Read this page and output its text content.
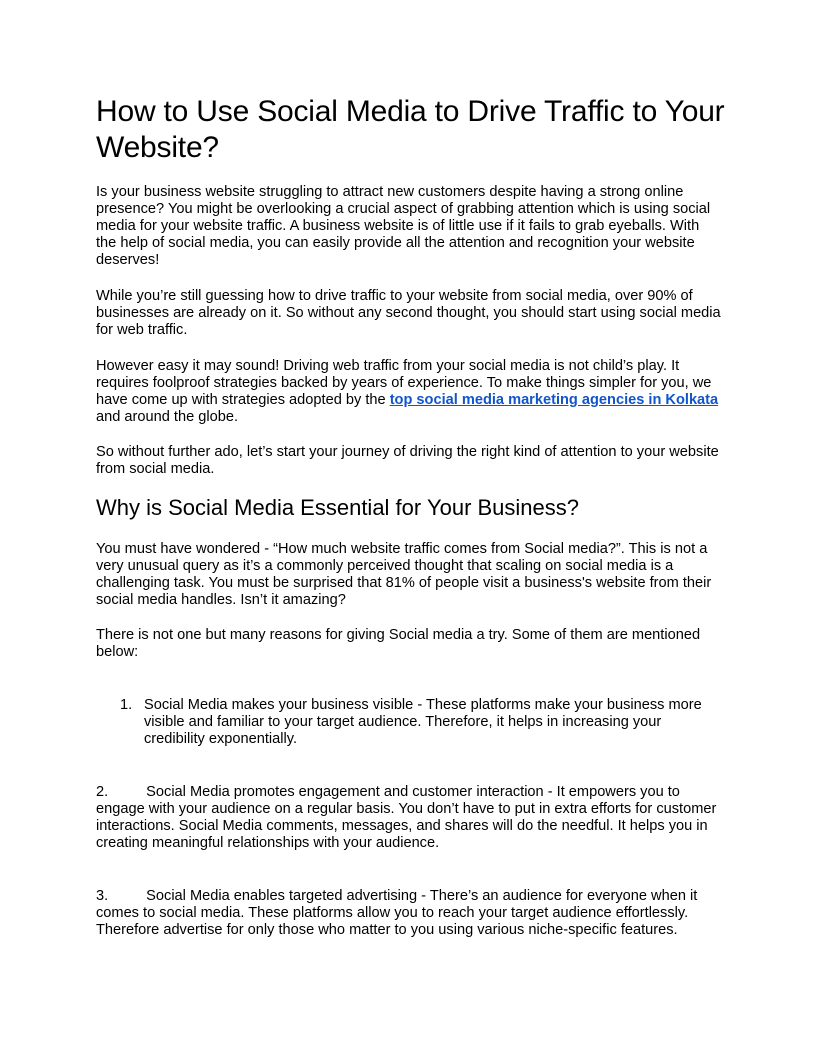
How to Use Social Media to Drive Traffic to Your Website?

Is your business website struggling to attract new customers despite having a strong online presence? You might be overlooking a crucial aspect of grabbing attention which is using social media for your website traffic. A business website is of little use if it fails to grab eyeballs. With the help of social media, you can easily provide all the attention and recognition your website deserves!

While you’re still guessing how to drive traffic to your website from social media, over 90% of businesses are already on it. So without any second thought, you should start using social media for web traffic.

However easy it may sound! Driving web traffic from your social media is not child’s play. It requires foolproof strategies backed by years of experience. To make things simpler for you, we have come up with strategies adopted by the top social media marketing agencies in Kolkata and around the globe.

So without further ado, let’s start your journey of driving the right kind of attention to your website from social media.

Why is Social Media Essential for Your Business?

You must have wondered - “How much website traffic comes from Social media?”. This is not a very unusual query as it’s a commonly perceived thought that scaling on social media is a challenging task. You must be surprised that 81% of people visit a business's website from their social media handles. Isn’t it amazing?

There is not one but many reasons for giving Social media a try. Some of them are mentioned below:

1. Social Media makes your business visible - These platforms make your business more visible and familiar to your target audience. Therefore, it helps in increasing your credibility exponentially.

2.	Social Media promotes engagement and customer interaction - It empowers you to engage with your audience on a regular basis. You don’t have to put in extra efforts for customer interactions. Social Media comments, messages, and shares will do the needful. It helps you in creating meaningful relationships with your audience.

3.	Social Media enables targeted advertising - There’s an audience for everyone when it comes to social media. These platforms allow you to reach your target audience effortlessly. Therefore advertise for only those who matter to you using various niche-specific features.
